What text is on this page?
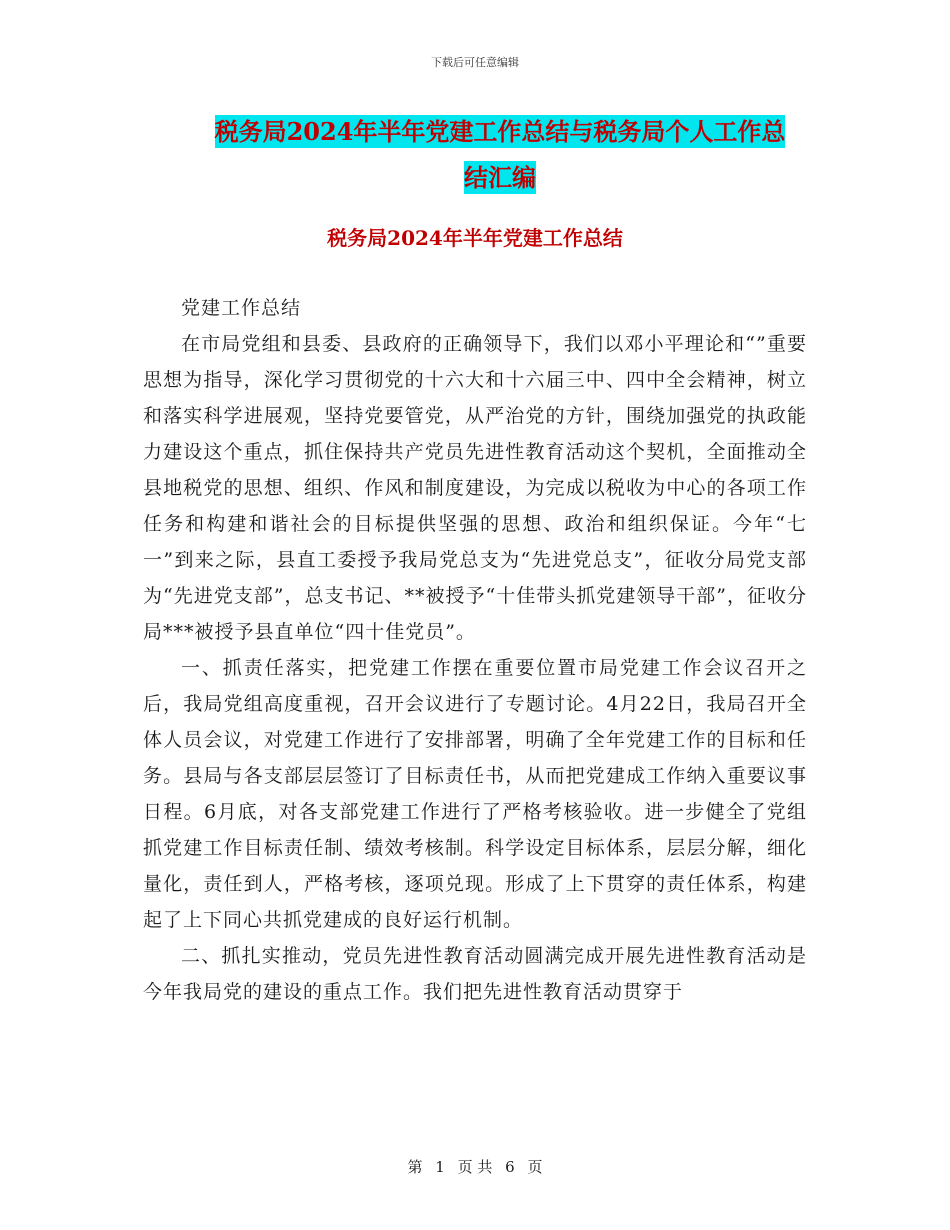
下载后可任意编辑
税务局2024年半年党建工作总结与税务局个人工作总
结汇编
税务局2024年半年党建工作总结

党建工作总结

在市局党组和县委、县政府的正确领导下，我们以邓小平理论和“”重要思想为指导，深化学习贯彻党的十六大和十六届三中、四中全会精神，树立和落实科学进展观，坚持党要管党，从严治党的方针，围绕加强党的执政能力建设这个重点，抓住保持共产党员先进性教育活动这个契机，全面推动全县地税党的思想、组织、作风和制度建设，为完成以税收为中心的各项工作任务和构建和谐社会的目标提供坚强的思想、政治和组织保证。今年“七一”到来之际，县直工委授予我局党总支为“先进党总支”，征收分局党支部为“先进党支部”，总支书记、**被授予“十佳带头抓党建领导干部”，征收分局***被授予县直单位“四十佳党员”。

一、抓责任落实，把党建工作摆在重要位置市局党建工作会议召开之后，我局党组高度重视，召开会议进行了专题讨论。4月22日，我局召开全体人员会议，对党建工作进行了安排部署，明确了全年党建工作的目标和任务。县局与各支部层层签订了目标责任书，从而把党建成工作纳入重要议事日程。6月底，对各支部党建工作进行了严格考核验收。进一步健全了党组抓党建工作目标责任制、绩效考核制。科学设定目标体系，层层分解，细化量化，责任到人，严格考核，逐项兑现。形成了上下贯穿的责任体系，构建起了上下同心共抓党建成的良好运行机制。

二、抓扎实推动，党员先进性教育活动圆满完成开展先进性教育活动是今年我局党的建设的重点工作。我们把先进性教育活动贯穿于

第 1 页 共 6 页
